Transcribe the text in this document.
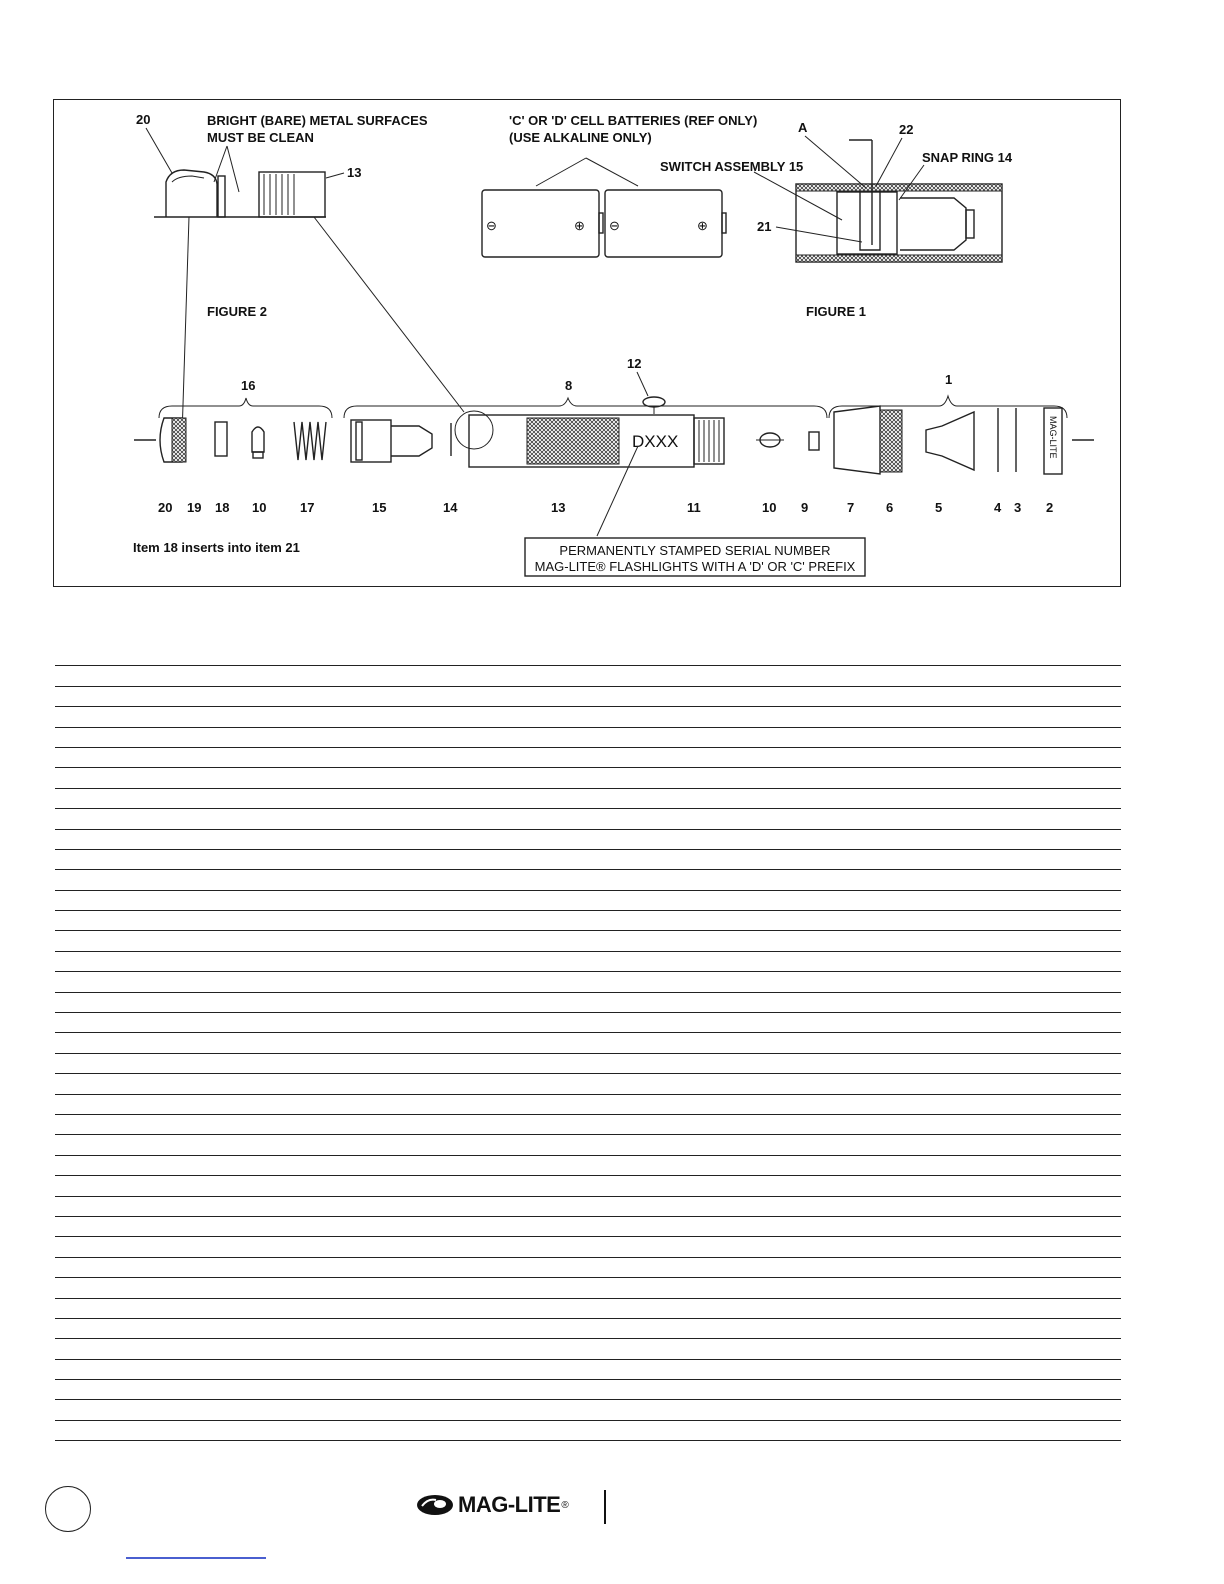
20	BRIGHT (BARE) METAL SURFACES
MUST BE CLEAN
13
FIGURE 2
'C' OR 'D' CELL BATTERIES (REF ONLY)
(USE ALKALINE ONLY)
⊖	⊕ ⊖	⊕
A	22
SNAP RING 14
SWITCH ASSEMBLY 15
21
FIGURE 1
16	8	1
DXXX
12
MAG-LITE
20 19 18 10	17	15	14	13	11	10 9	7 6	5	4 3 2
Item 18 inserts into item 21	PERMANENTLY STAMPED SERIAL NUMBER
MAG-LITE® FLASHLIGHTS WITH A 'D' OR 'C' PREFIX
MAG-LITE ®
